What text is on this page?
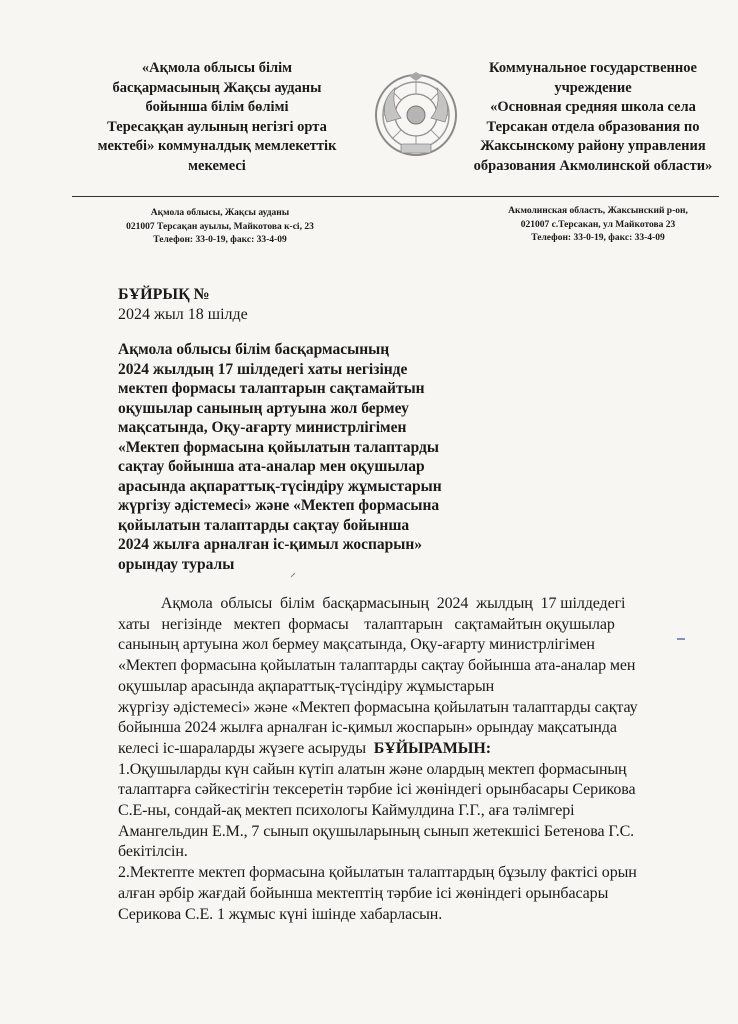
«Ақмола облысы білім
басқармасының Жақсы ауданы
бойынша білім бөлімі
Тересаққан аулының негізгі орта
мектебі» коммуналдық мемлекеттік
мекемесі
Коммунальное государственное
учреждение
«Основная средняя школа села
Терсакан отдела образования по
Жаксынскому району управления
образования Акмолинской области»
Ақмола облысы, Жақсы ауданы
021007 Терсақан ауылы, Майкотова к-сі, 23
Телефон: 33-0-19, факс: 33-4-09
Акмолинская область, Жаксынский р-он,
021007 с.Терсакан, ул Майкотова 23
Телефон: 33-0-19, факс: 33-4-09
БҰЙРЫҚ №
2024 жыл 18 шілде
Ақмола облысы білім басқармасының
2024 жылдың 17 шілдедегі хаты негізінде
мектеп формасы талаптарын сақтамайтын
оқушылар санының артуына жол бермеу
мақсатында, Оқу-ағарту министрлігімен
«Мектеп формасына қойылатын талаптарды
сақтау бойынша ата-аналар мен оқушылар
арасында ақпараттық-түсіндіру жұмыстарын
жүргізу әдістемесі» және «Мектеп формасына
қойылатын талаптарды сақтау бойынша
2024 жылға арналған іс-қимыл жоспарын»
орындау туралы
Ақмола  облысы  білім  басқармасының  2024  жылдың  17 шілдедегі
хаты   негізінде   мектеп  формасы    талаптарын   сақтамайтын оқушылар
санының артуына жол бермеу мақсатында, Оқу-ағарту министрлігімен
«Мектеп формасына қойылатын талаптарды сақтау бойынша ата-аналар мен
оқушылар арасында ақпараттық-түсіндіру жұмыстарын
жүргізу әдістемесі» және «Мектеп формасына қойылатын талаптарды сақтау
бойынша 2024 жылға арналған іс-қимыл жоспарын» орындау мақсатында
келесі іс-шараларды жүзеге асыруды БҰЙЫРАМЫН:
1.Оқушыларды күн сайын күтіп алатын және олардың мектеп формасының
талаптарға сәйкестігін тексеретін тәрбие ісі жөніндегі орынбасары Серикова
С.Е-ны, сондай-ақ мектеп психологы Каймулдина Г.Г., аға тәлімгері
Амангельдин Е.М., 7 сынып оқушыларының сынып жетекшісі Бетенова Г.С.
бекітілсін.
2.Мектепте мектеп формасына қойылатын талаптардың бұзылу фактісі орын
алған әрбір жағдай бойынша мектептің тәрбие ісі жөніндегі орынбасары
Серикова С.Е. 1 жұмыс күні ішінде хабарласын.
